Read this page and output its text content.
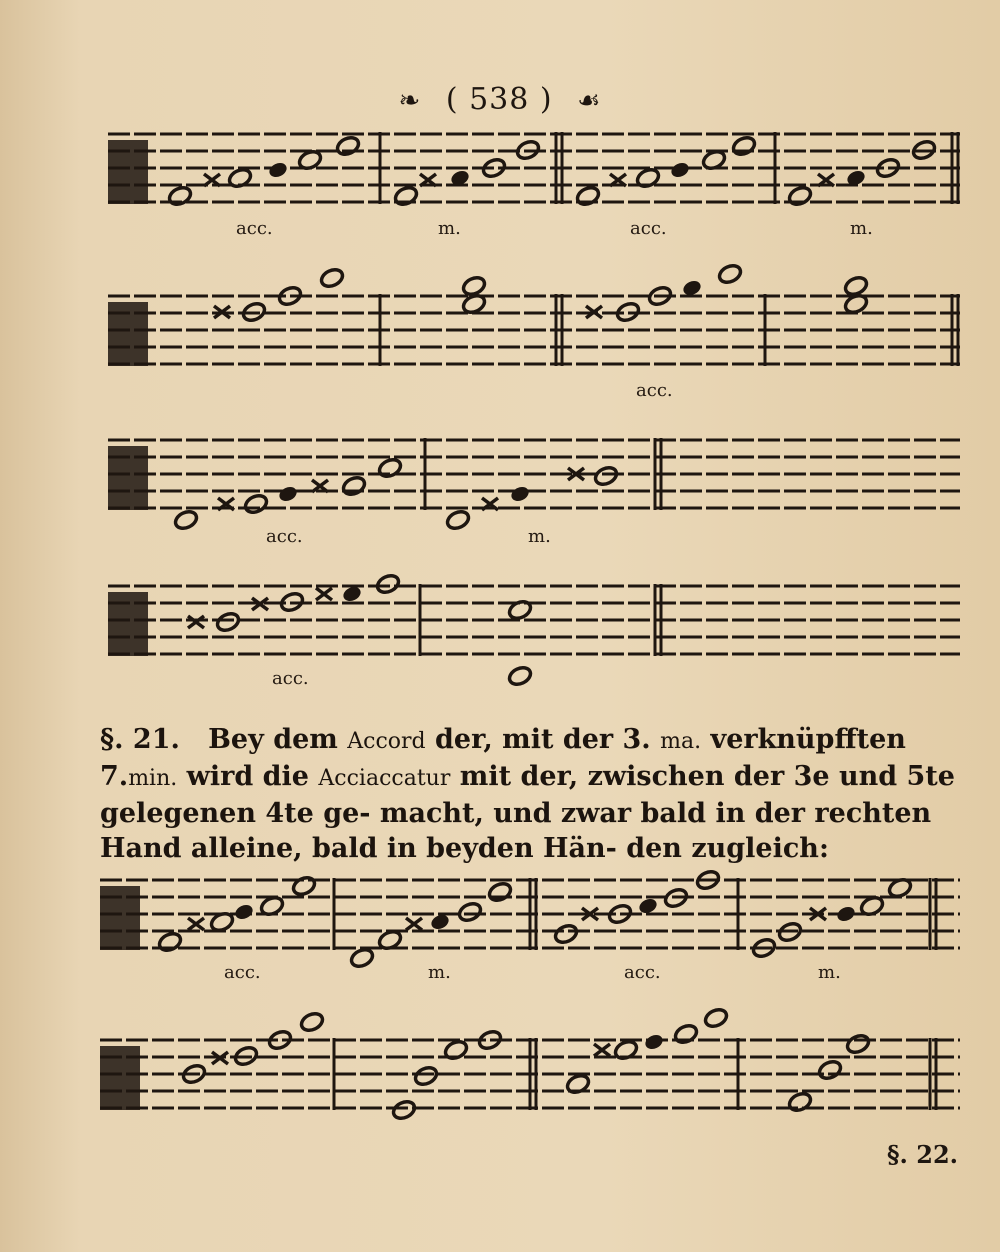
❧ ( 538 ) ☙
acc.	m.	acc.	m.
acc.
acc.	m.
acc.
acc.	m.	acc.	m.
§. 21. Bey dem Accord der, mit der 3. ma. verknüpfften 7.min. wird die Acciaccatur mit der, zwischen der 3e und 5te gelegenen 4te ge- macht, und zwar bald in der rechten Hand alleine, bald in beyden Hän- den zugleich:
§. 22.
